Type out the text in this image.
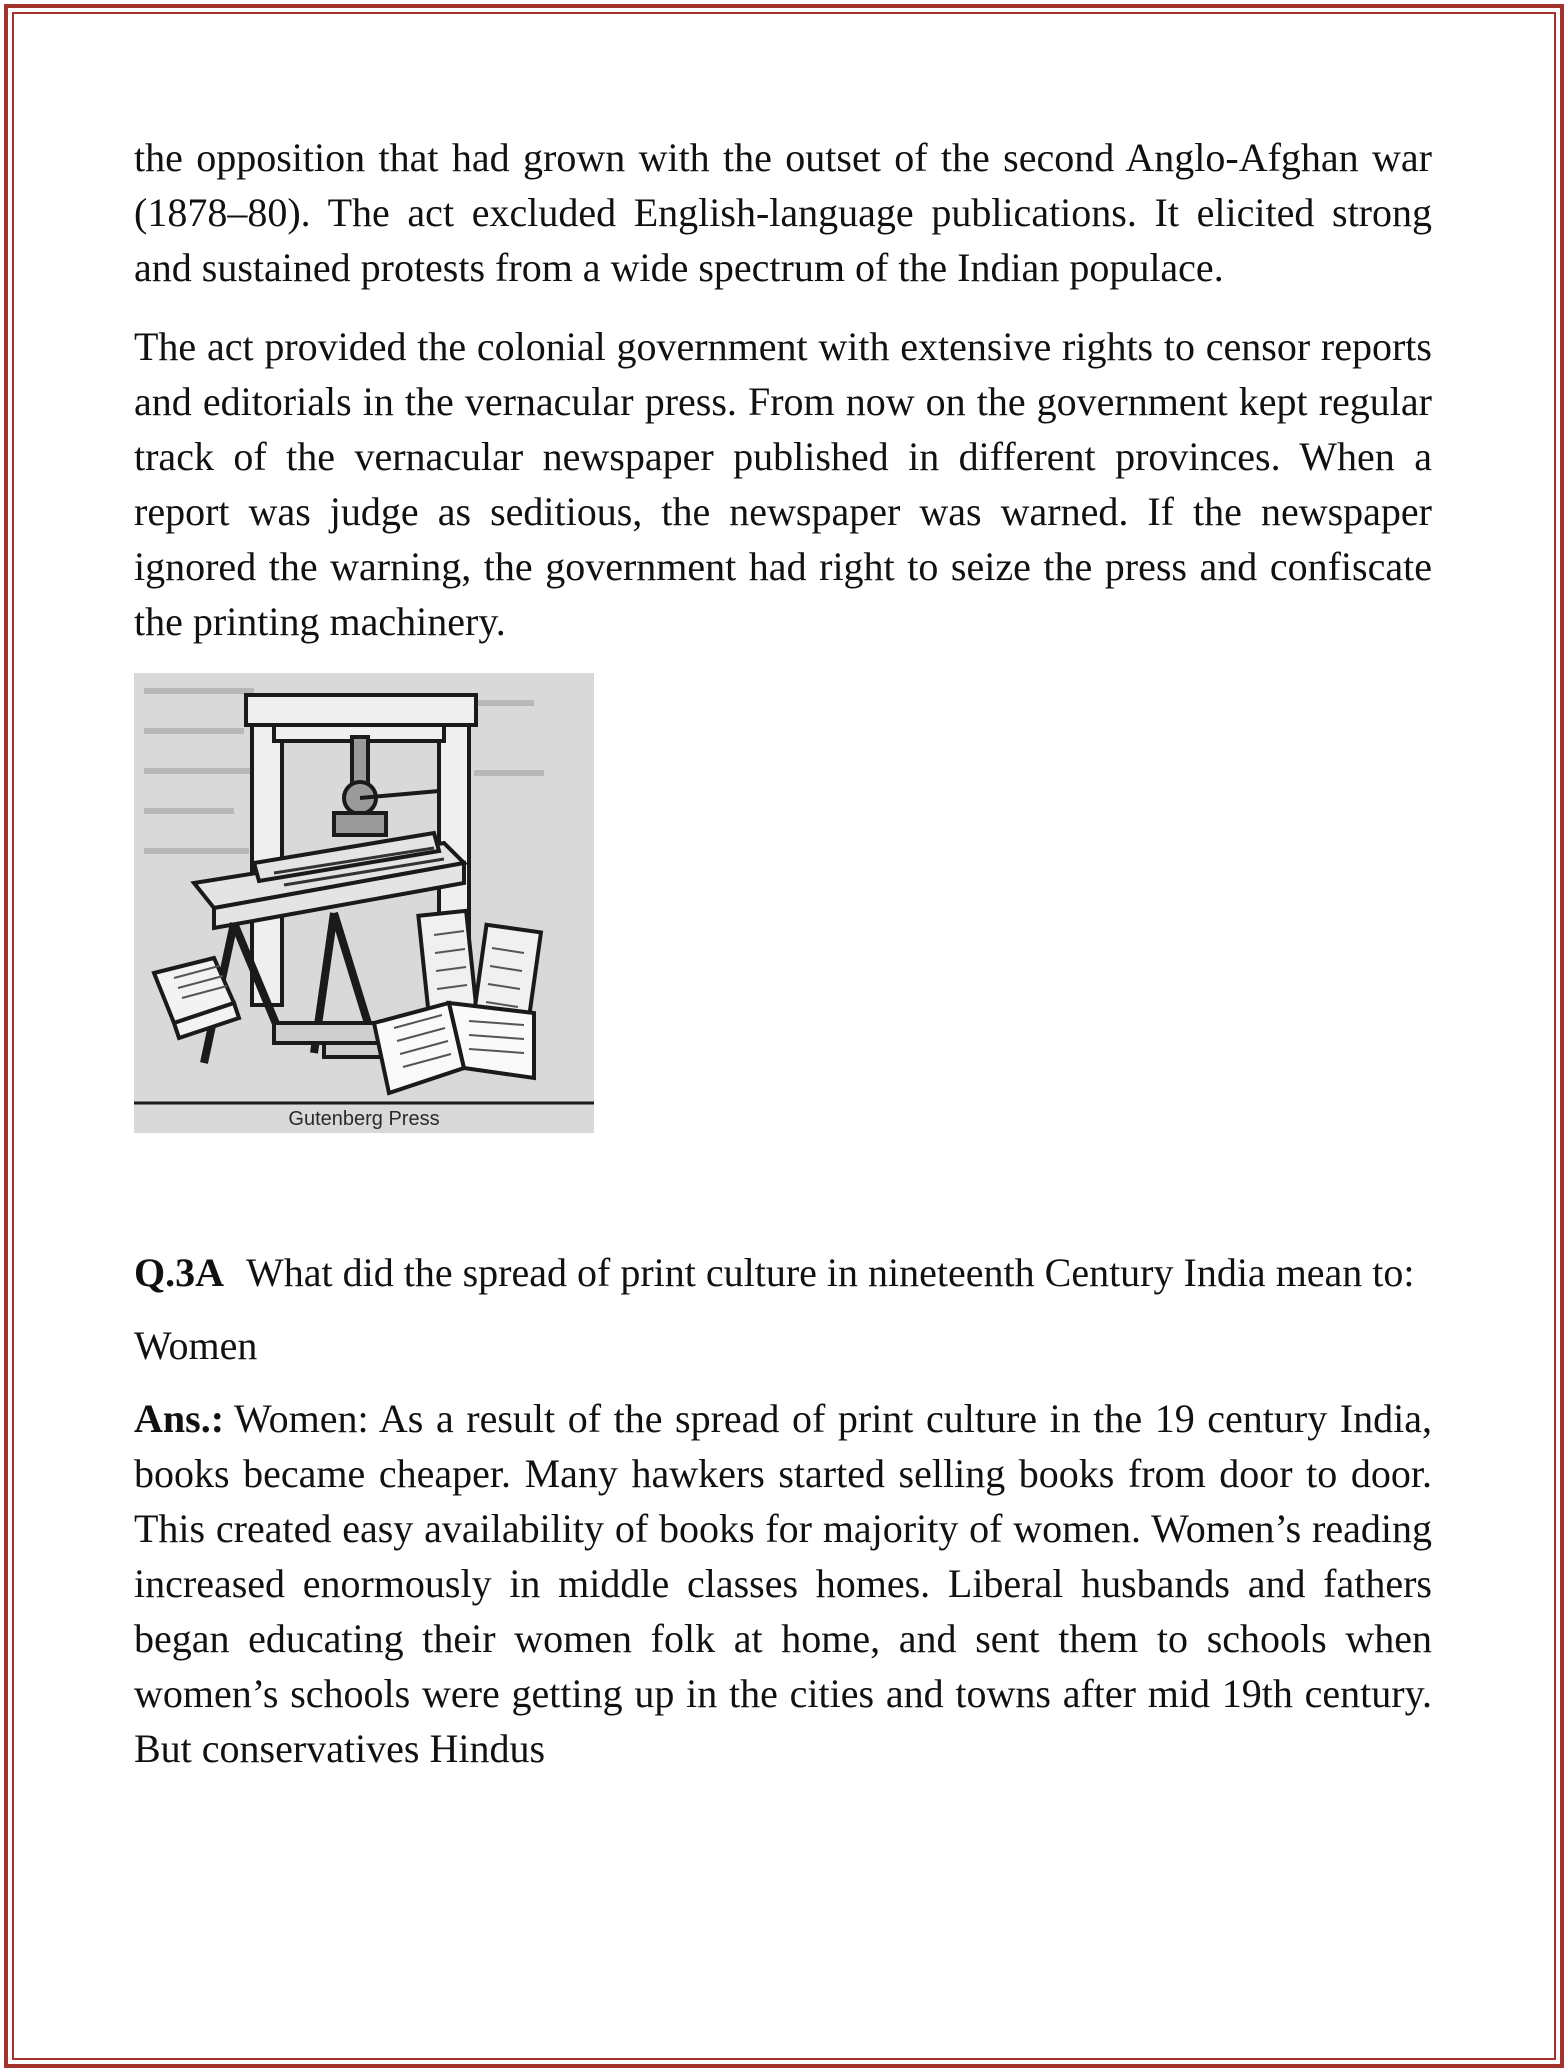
the opposition that had grown with the outset of the second Anglo-Afghan war (1878–80). The act excluded English-language publications. It elicited strong and sustained protests from a wide spectrum of the Indian populace.

The act provided the colonial government with extensive rights to censor reports and editorials in the vernacular press. From now on the government kept regular track of the vernacular newspaper published in different provinces. When a report was judge as seditious, the newspaper was warned. If the newspaper ignored the warning, the government had right to seize the press and confiscate the printing machinery.

Gutenberg Press

Q.3A What did the spread of print culture in nineteenth Century India mean to:

Women

Ans.: Women: As a result of the spread of print culture in the 19 century India, books became cheaper. Many hawkers started selling books from door to door. This created easy availability of books for majority of women. Women’s reading increased enormously in middle classes homes. Liberal husbands and fathers began educating their women folk at home, and sent them to schools when women’s schools were getting up in the cities and towns after mid 19th century. But conservatives Hindus
